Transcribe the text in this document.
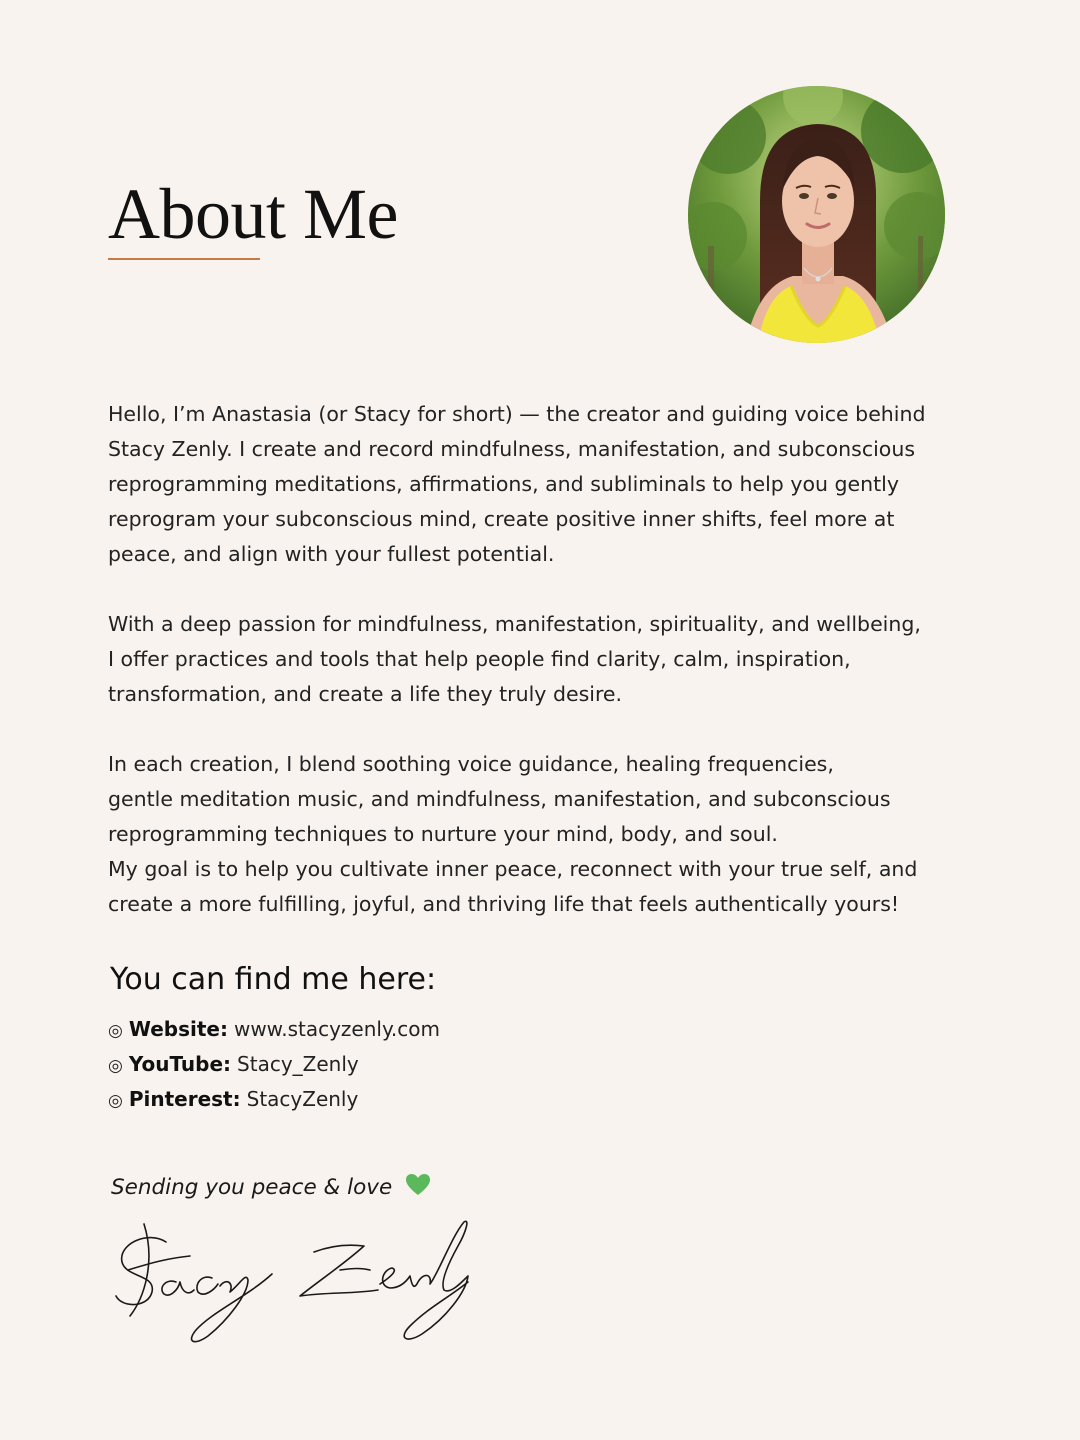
About Me

Hello, I’m Anastasia (or Stacy for short) — the creator and guiding voice behind
Stacy Zenly. I create and record mindfulness, manifestation, and subconscious
reprogramming meditations, affirmations, and subliminals to help you gently
reprogram your subconscious mind, create positive inner shifts, feel more at
peace, and align with your fullest potential.

With a deep passion for mindfulness, manifestation, spirituality, and wellbeing,
I offer practices and tools that help people find clarity, calm, inspiration,
transformation, and create a life they truly desire.

In each creation, I blend soothing voice guidance, healing frequencies,
gentle meditation music, and mindfulness, manifestation, and subconscious
reprogramming techniques to nurture your mind, body, and soul.
My goal is to help you cultivate inner peace, reconnect with your true self, and
create a more fulfilling, joyful, and thriving life that feels authentically yours!

You can find me here:
◎ Website: www.stacyzenly.com
◎ YouTube: Stacy_Zenly
◎ Pinterest: StacyZenly
Sending you peace & love
